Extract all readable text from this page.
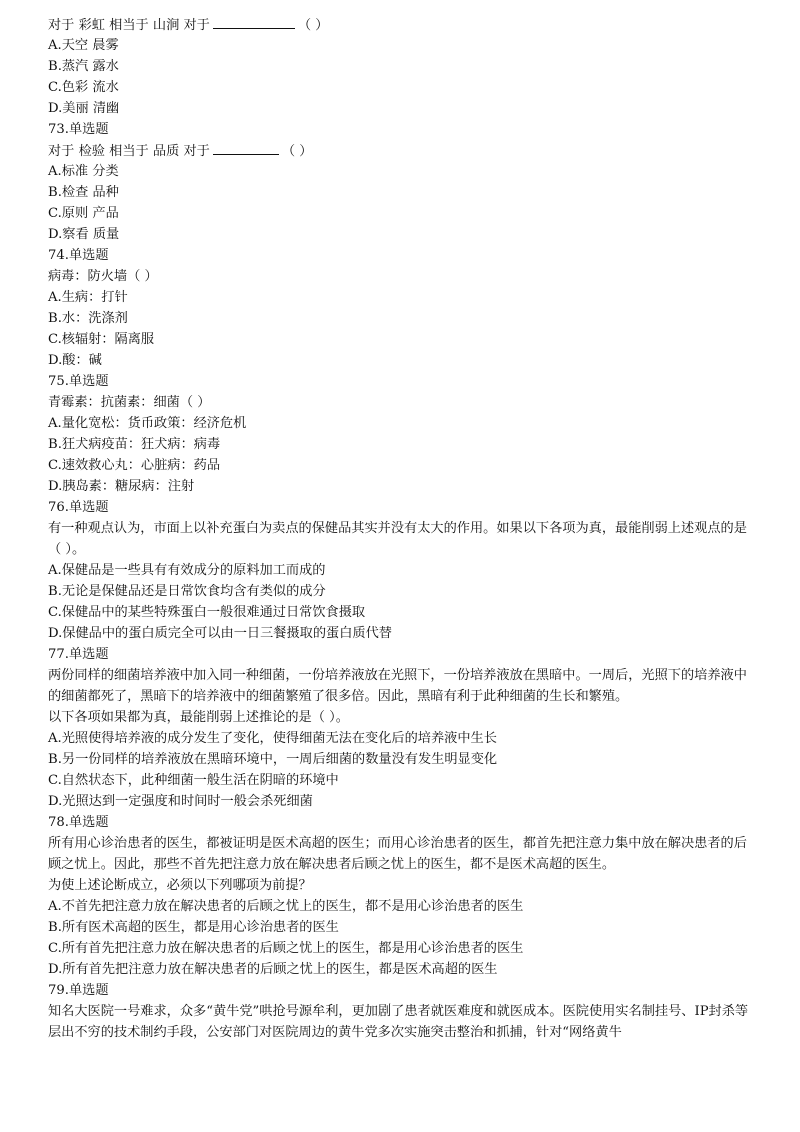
对于 彩虹 相当于 山涧 对于	（ ）
A.天空 晨雾
B.蒸汽 露水
C.色彩 流水
D.美丽 清幽
73.单选题
对于 检验 相当于 品质 对于	（ ）
A.标准 分类
B.检查 品种
C.原则 产品
D.察看 质量
74.单选题
病毒：防火墙（ ）
A.生病：打针
B.水：洗涤剂
C.核辐射：隔离服
D.酸：碱
75.单选题
青霉素：抗菌素：细菌（ ）
A.量化宽松：货币政策：经济危机
B.狂犬病疫苗：狂犬病：病毒
C.速效救心丸：心脏病：药品
D.胰岛素：糖尿病：注射
76.单选题
有一种观点认为，市面上以补充蛋白为卖点的保健品其实并没有太大的作用。如果以下各项为真，最能削弱上述观点的是（ ）。
A.保健品是一些具有有效成分的原料加工而成的
B.无论是保健品还是日常饮食均含有类似的成分
C.保健品中的某些特殊蛋白一般很难通过日常饮食摄取
D.保健品中的蛋白质完全可以由一日三餐摄取的蛋白质代替
77.单选题
两份同样的细菌培养液中加入同一种细菌，一份培养液放在光照下，一份培养液放在黑暗中。一周后，光照下的培养液中的细菌都死了，黑暗下的培养液中的细菌繁殖了很多倍。因此，黑暗有利于此种细菌的生长和繁殖。
以下各项如果都为真，最能削弱上述推论的是（ ）。
A.光照使得培养液的成分发生了变化，使得细菌无法在变化后的培养液中生长
B.另一份同样的培养液放在黑暗环境中，一周后细菌的数量没有发生明显变化
C.自然状态下，此种细菌一般生活在阴暗的环境中
D.光照达到一定强度和时间时一般会杀死细菌
78.单选题
所有用心诊治患者的医生，都被证明是医术高超的医生；而用心诊治患者的医生，都首先把注意力集中放在解决患者的后顾之忧上。因此，那些不首先把注意力放在解决患者后顾之忧上的医生，都不是医术高超的医生。
为使上述论断成立，必须以下列哪项为前提？
A.不首先把注意力放在解决患者的后顾之忧上的医生，都不是用心诊治患者的医生
B.所有医术高超的医生，都是用心诊治患者的医生
C.所有首先把注意力放在解决患者的后顾之忧上的医生，都是用心诊治患者的医生
D.所有首先把注意力放在解决患者的后顾之忧上的医生，都是医术高超的医生
79.单选题
知名大医院一号难求，众多“黄牛党”哄抢号源牟利，更加剧了患者就医难度和就医成本。医院使用实名制挂号、IP封杀等层出不穷的技术制约手段，公安部门对医院周边的黄牛党多次实施突击整治和抓捕，针对“网络黄牛
